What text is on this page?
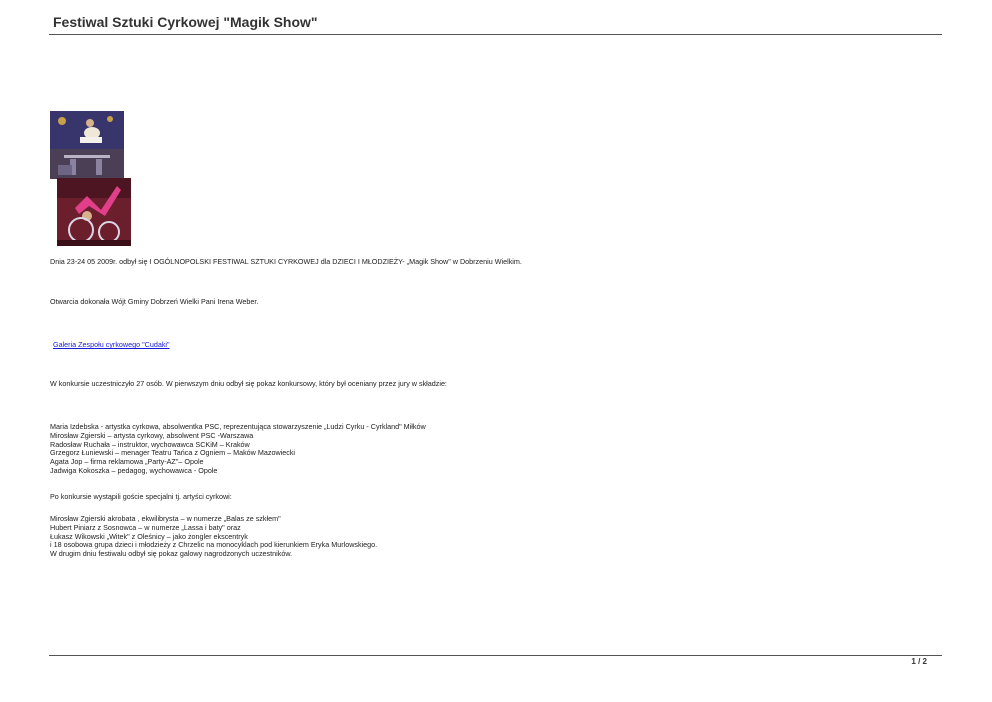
Festiwal Sztuki Cyrkowej "Magik Show"
Dnia 23-24 05 2009r. odbył się I OGÓLNOPOLSKI FESTIWAL SZTUKI CYRKOWEJ dla DZIECI I MŁODZIEŻY- „Magik Show" w Dobrzeniu Wielkim.
Otwarcia dokonała Wójt Gminy Dobrzeń Wielki Pani Irena Weber.
Galeria Zespołu cyrkowego "Cudaki"
W konkursie uczestniczyło 27 osób. W pierwszym dniu odbył się pokaz konkursowy, który był oceniany przez jury w składzie:
Maria Izdebska - artystka cyrkowa, absolwentka PSC, reprezentująca stowarzyszenie „Ludzi Cyrku - Cyrkland" Miłków
Mirosław Zgierski – artysta cyrkowy, absolwent PSC -Warszawa
Radosław Ruchała – instruktor, wychowawca SCKiM – Kraków
Grzegorz Łuniewski – menager Teatru Tańca z Ogniem – Maków Mazowiecki
Agata Jop – firma reklamowa „Party-AZ"– Opole
Jadwiga Kokoszka – pedagog, wychowawca - Opole
Po konkursie wystąpili goście specjalni tj. artyści cyrkowi:
Mirosław Zgierski akrobata , ekwilibrysta – w numerze „Balas ze szkłem"
Hubert Piniarz z Sosnowca – w numerze „Lassa i baty" oraz
Łukasz Wikowski „Witek" z Oleśnicy – jako żongler ekscentryk
i 18 osobowa grupa dzieci i młodzieży z Chrzelic na monocyklach pod kierunkiem Eryka Murlowskiego.
W drugim dniu festiwalu odbył się pokaz galowy nagrodzonych uczestników.
1 / 2
